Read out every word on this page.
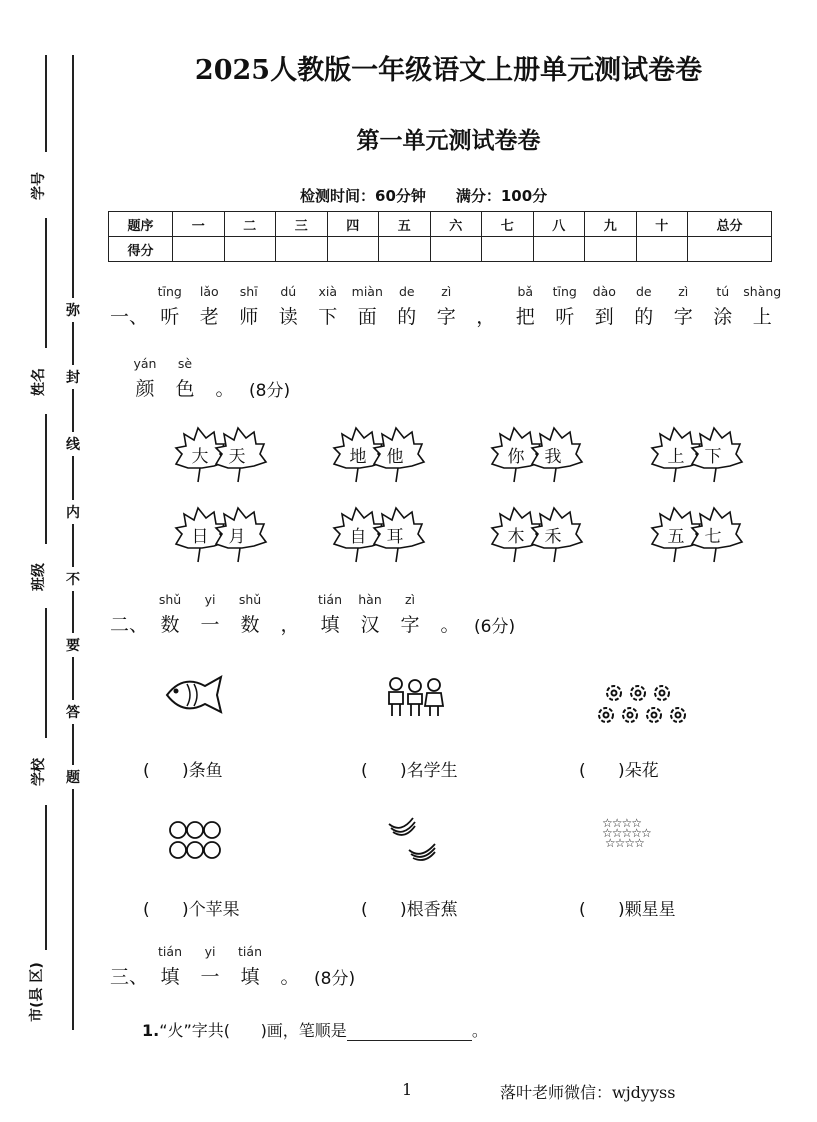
学号
姓名
班级
学校
市(县 区)
弥
封
线
内
不
要
答
题
2025人教版一年级语文上册单元测试卷卷
第一单元测试卷卷
检测时间：60分钟 满分：100分
题序	一	二	三	四	五	六	七	八	九	十	总分
得分											
一、
tīng
听
lǎo
老
shī
师
dú
读
xià
下
miàn
面
de
的
zì
字 ，
bǎ
把
tīng
听
dào
到
de
的
zì
字
tú
涂
shàng
上
yán
颜
sè
色 。 (8分)
大	天	地	他	你	我	上	下
日	月	自	耳	木	禾	五	七
二、
shǔ
数
yi
一
shǔ
数 ，
tián
填
hàn
汉
zì
字 。 (6分)
(      )条鱼	(      )名学生	(      )朵花
☆☆☆☆
☆☆☆☆☆
☆☆☆☆
(      )个苹果	(      )根香蕉	(      )颗星星
三、
tián
填
yi
一
tián
填 。 (8分)
1.“火”字共( )画，笔顺是	。
1	落叶老师微信：wjdyyss
